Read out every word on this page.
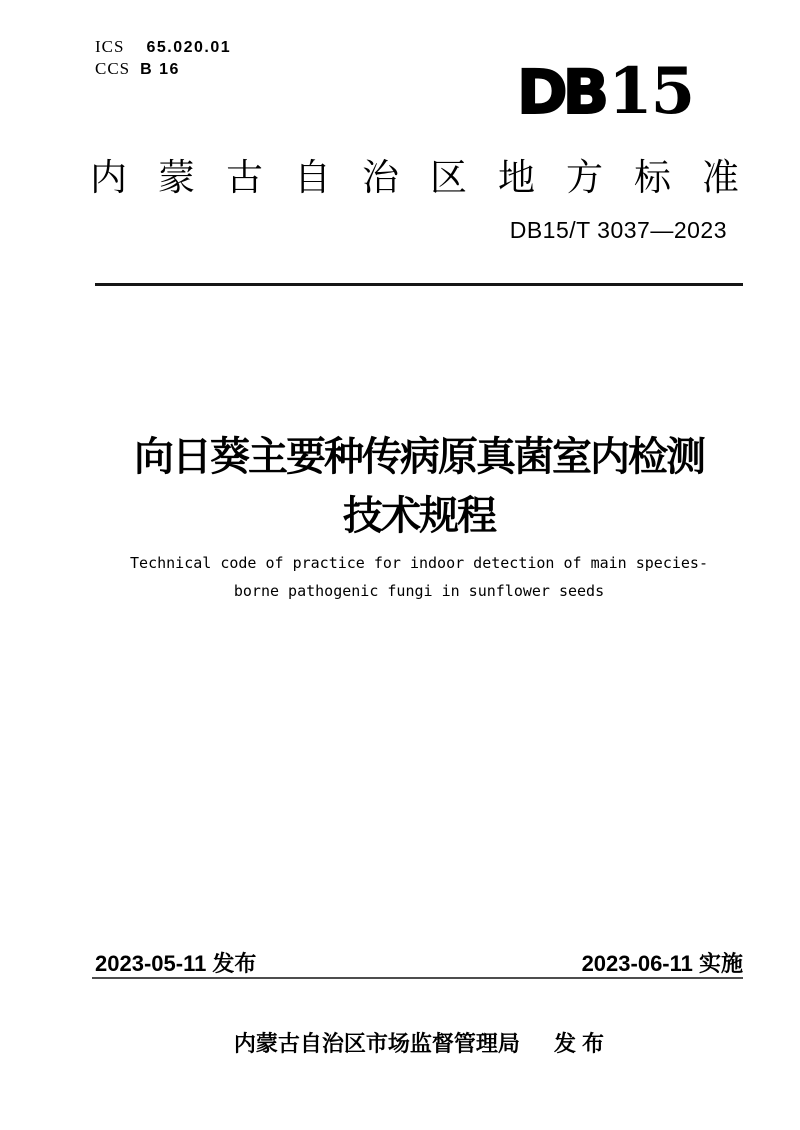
ICS 65.020.01
CCS B 16	DB 15
内蒙古自治区地方标准
DB15/T 3037—2023
向日葵主要种传病原真菌室内检测
技术规程
Technical code of practice for indoor detection of main species-
borne pathogenic fungi in sunflower seeds
2023-05-11 发布	2023-06-11 实施
内蒙古自治区市场监督管理局 发 布
